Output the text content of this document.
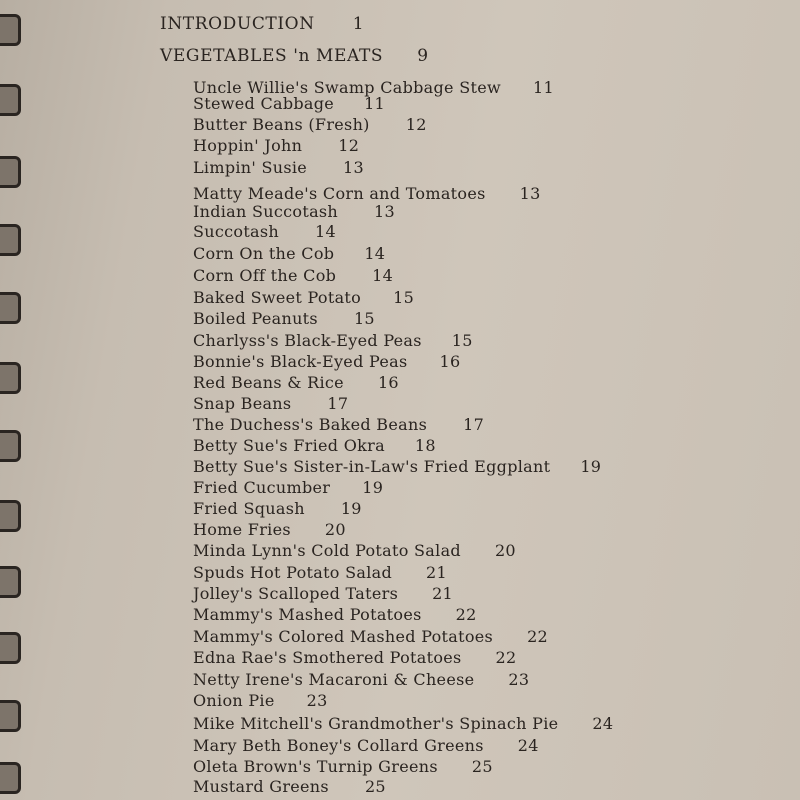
INTRODUCTION 1
VEGETABLES 'n MEATS 9
Uncle Willie's Swamp Cabbage Stew 11
Stewed Cabbage 11
Butter Beans (Fresh) 12
Hoppin' John 12
Limpin' Susie 13
Matty Meade's Corn and Tomatoes 13
Indian Succotash 13
Succotash 14
Corn On the Cob 14
Corn Off the Cob 14
Baked Sweet Potato 15
Boiled Peanuts 15
Charlyss's Black-Eyed Peas 15
Bonnie's Black-Eyed Peas 16
Red Beans & Rice 16
Snap Beans 17
The Duchess's Baked Beans 17
Betty Sue's Fried Okra 18
Betty Sue's Sister-in-Law's Fried Eggplant 19
Fried Cucumber 19
Fried Squash 19
Home Fries 20
Minda Lynn's Cold Potato Salad 20
Spuds Hot Potato Salad 21
Jolley's Scalloped Taters 21
Mammy's Mashed Potatoes 22
Mammy's Colored Mashed Potatoes 22
Edna Rae's Smothered Potatoes 22
Netty Irene's Macaroni & Cheese 23
Onion Pie 23
Mike Mitchell's Grandmother's Spinach Pie 24
Mary Beth Boney's Collard Greens 24
Oleta Brown's Turnip Greens 25
Mustard Greens 25
